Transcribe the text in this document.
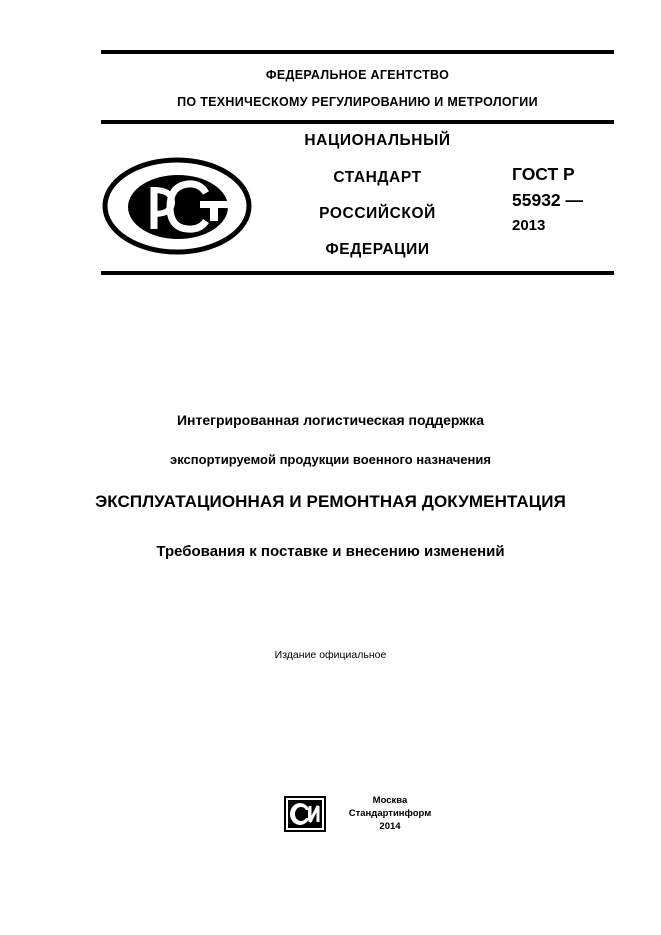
ФЕДЕРАЛЬНОЕ АГЕНТСТВО
ПО ТЕХНИЧЕСКОМУ РЕГУЛИРОВАНИЮ И МЕТРОЛОГИИ
НАЦИОНАЛЬНЫЙ
СТАНДАРТ
РОССИЙСКОЙ
ФЕДЕРАЦИИ
ГОСТ Р
55932 —
2013
Интегрированная логистическая поддержка
экспортируемой продукции военного назначения
ЭКСПЛУАТАЦИОННАЯ И РЕМОНТНАЯ ДОКУМЕНТАЦИЯ
Требования к поставке и внесению изменений
Издание официальное
Москва
Стандартинформ
2014
